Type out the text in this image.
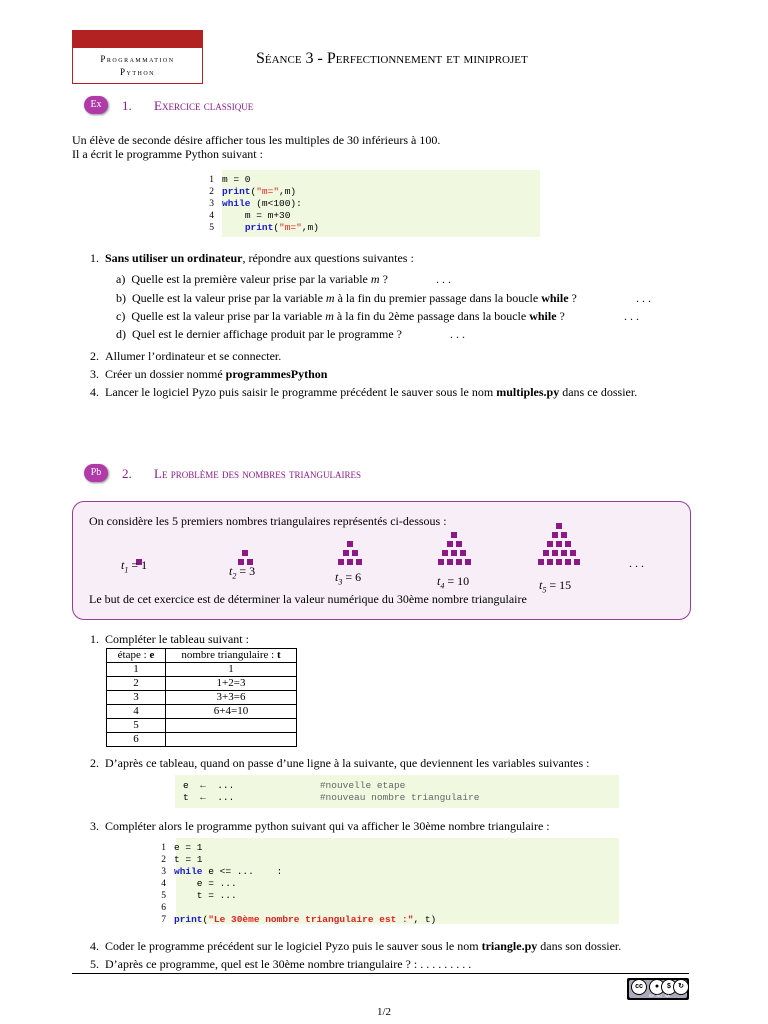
Programmation
Python
Séance 3 - Perfectionnement et miniprojet
Ex	1. Exercice classique
Un élève de seconde désire afficher tous les multiples de 30 inférieurs à 100.
Il a écrit le programme Python suivant :
1 m = 0
2 print("m=",m)
3 while (m<100):
4	m = m+30
5	print("m=",m)
1. Sans utiliser un ordinateur, répondre aux questions suivantes :
a) Quelle est la première valeur prise par la variable m ?	. . .
b) Quelle est la valeur prise par la variable m à la fin du premier passage dans la boucle while ?	. . .
c) Quelle est la valeur prise par la variable m à la fin du 2ème passage dans la boucle while ?	. . .
d) Quel est le dernier affichage produit par le programme ?	. . .
2.  Allumer l’ordinateur et se connecter.
3.  Créer un dossier nommé programmesPython
4.  Lancer le logiciel Pyzo puis saisir le programme précédent le sauver sous le nom multiples.py dans ce dossier.
Pb	2. Le problème des nombres triangulaires
On considère les 5 premiers nombres triangulaires représentés ci-dessous :
$t_1 = 1$	$t_2 = 3$	$t_3 = 6$	$t_4 = 10$	$t_5 = 15$
Le but de cet exercice est de déterminer la valeur numérique du 30ème nombre triangulaire
. . .
1.  Compléter le tableau suivant :
étape : e	nombre triangulaire : t
1	1
2	1+2=3
3	3+3=6
4	6+4=10
5	
6	
2.  D’après ce tableau, quand on passe d’une ligne à la suivante, que deviennent les variables suivantes :
e ← ...	#nouvelle etape
t ← ...	#nouveau nombre triangulaire
3.  Compléter alors le programme python suivant qui va afficher le 30ème nombre triangulaire :
1 e = 1
2 t = 1
3 while e <= ...    :
4    e = ...
5    t = ...
6
7 print("Le 30ème nombre triangulaire est :", t)
4.  Coder le programme précédent sur le logiciel Pyzo puis le sauver sous le nom triangle.py dans son dossier.
5.  D’après ce programme, quel est le 30ème nombre triangulaire ? : . . . . . . . . .
cc	●	$	↻
BY  NC  SA
1/2
